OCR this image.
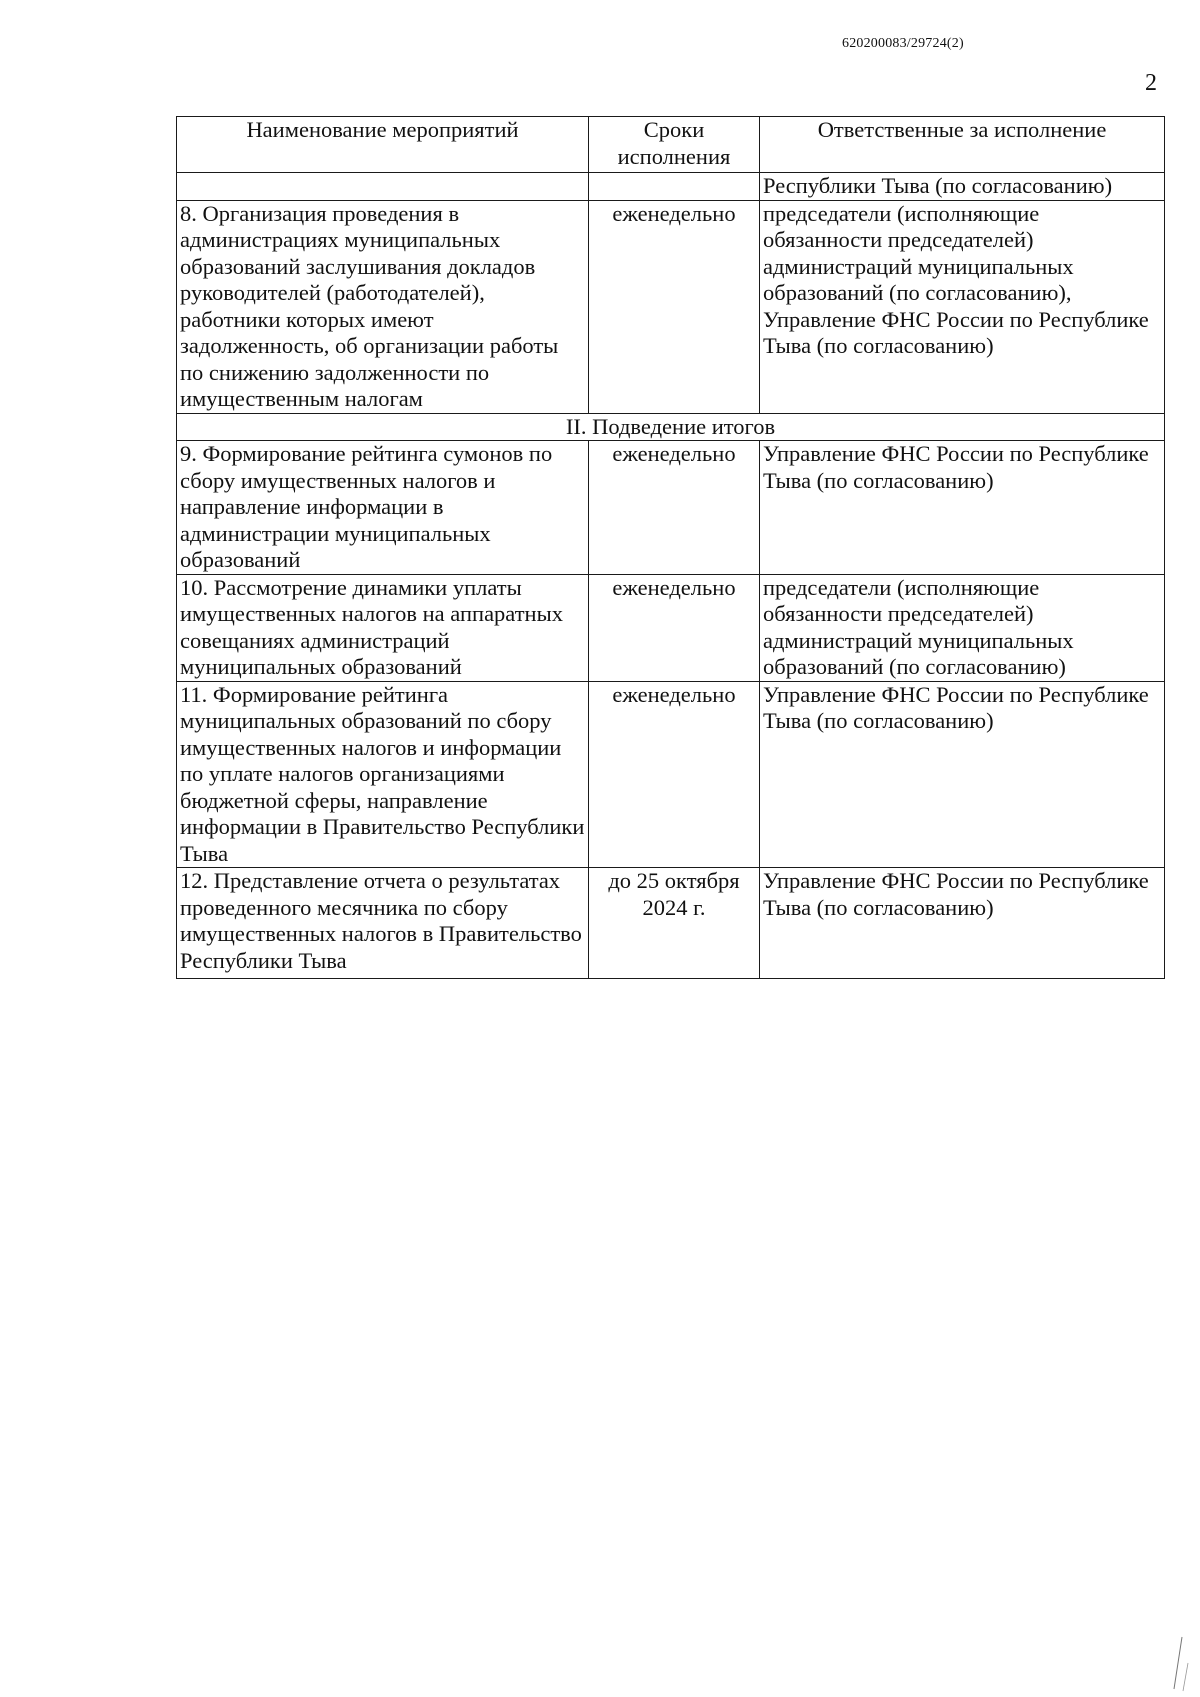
620200083/29724(2)
2
Наименование мероприятий	Сроки исполнения	Ответственные за исполнение
		Республики Тыва (по согласованию)
8. Организация проведения в администрациях муниципальных образований заслушивания докладов руководителей (работодателей), работники которых имеют задолженность, об организации работы по снижению задолженности по имущественным налогам	еженедельно	председатели (исполняющие обязанности председателей) администраций муниципальных образований (по согласованию), Управление ФНС России по Республике Тыва (по согласованию)
II. Подведение итогов		
9. Формирование рейтинга сумонов по сбору имущественных налогов и направление информации в администрации муниципальных образований	еженедельно	Управление ФНС России по Республике Тыва (по согласованию)
10. Рассмотрение динамики уплаты имущественных налогов на аппаратных совещаниях администраций муниципальных образований	еженедельно	председатели (исполняющие обязанности председателей) администраций муниципальных образований (по согласованию)
11. Формирование рейтинга муниципальных образований по сбору имущественных налогов и информации по уплате налогов организациями бюджетной сферы, направление информации в Правительство Республики Тыва	еженедельно	Управление ФНС России по Республике Тыва (по согласованию)
12. Представление отчета о результатах проведенного месячника по сбору имущественных налогов в Правительство Республики Тыва	до 25 октября 2024 г.	Управление ФНС России по Республике Тыва (по согласованию)
